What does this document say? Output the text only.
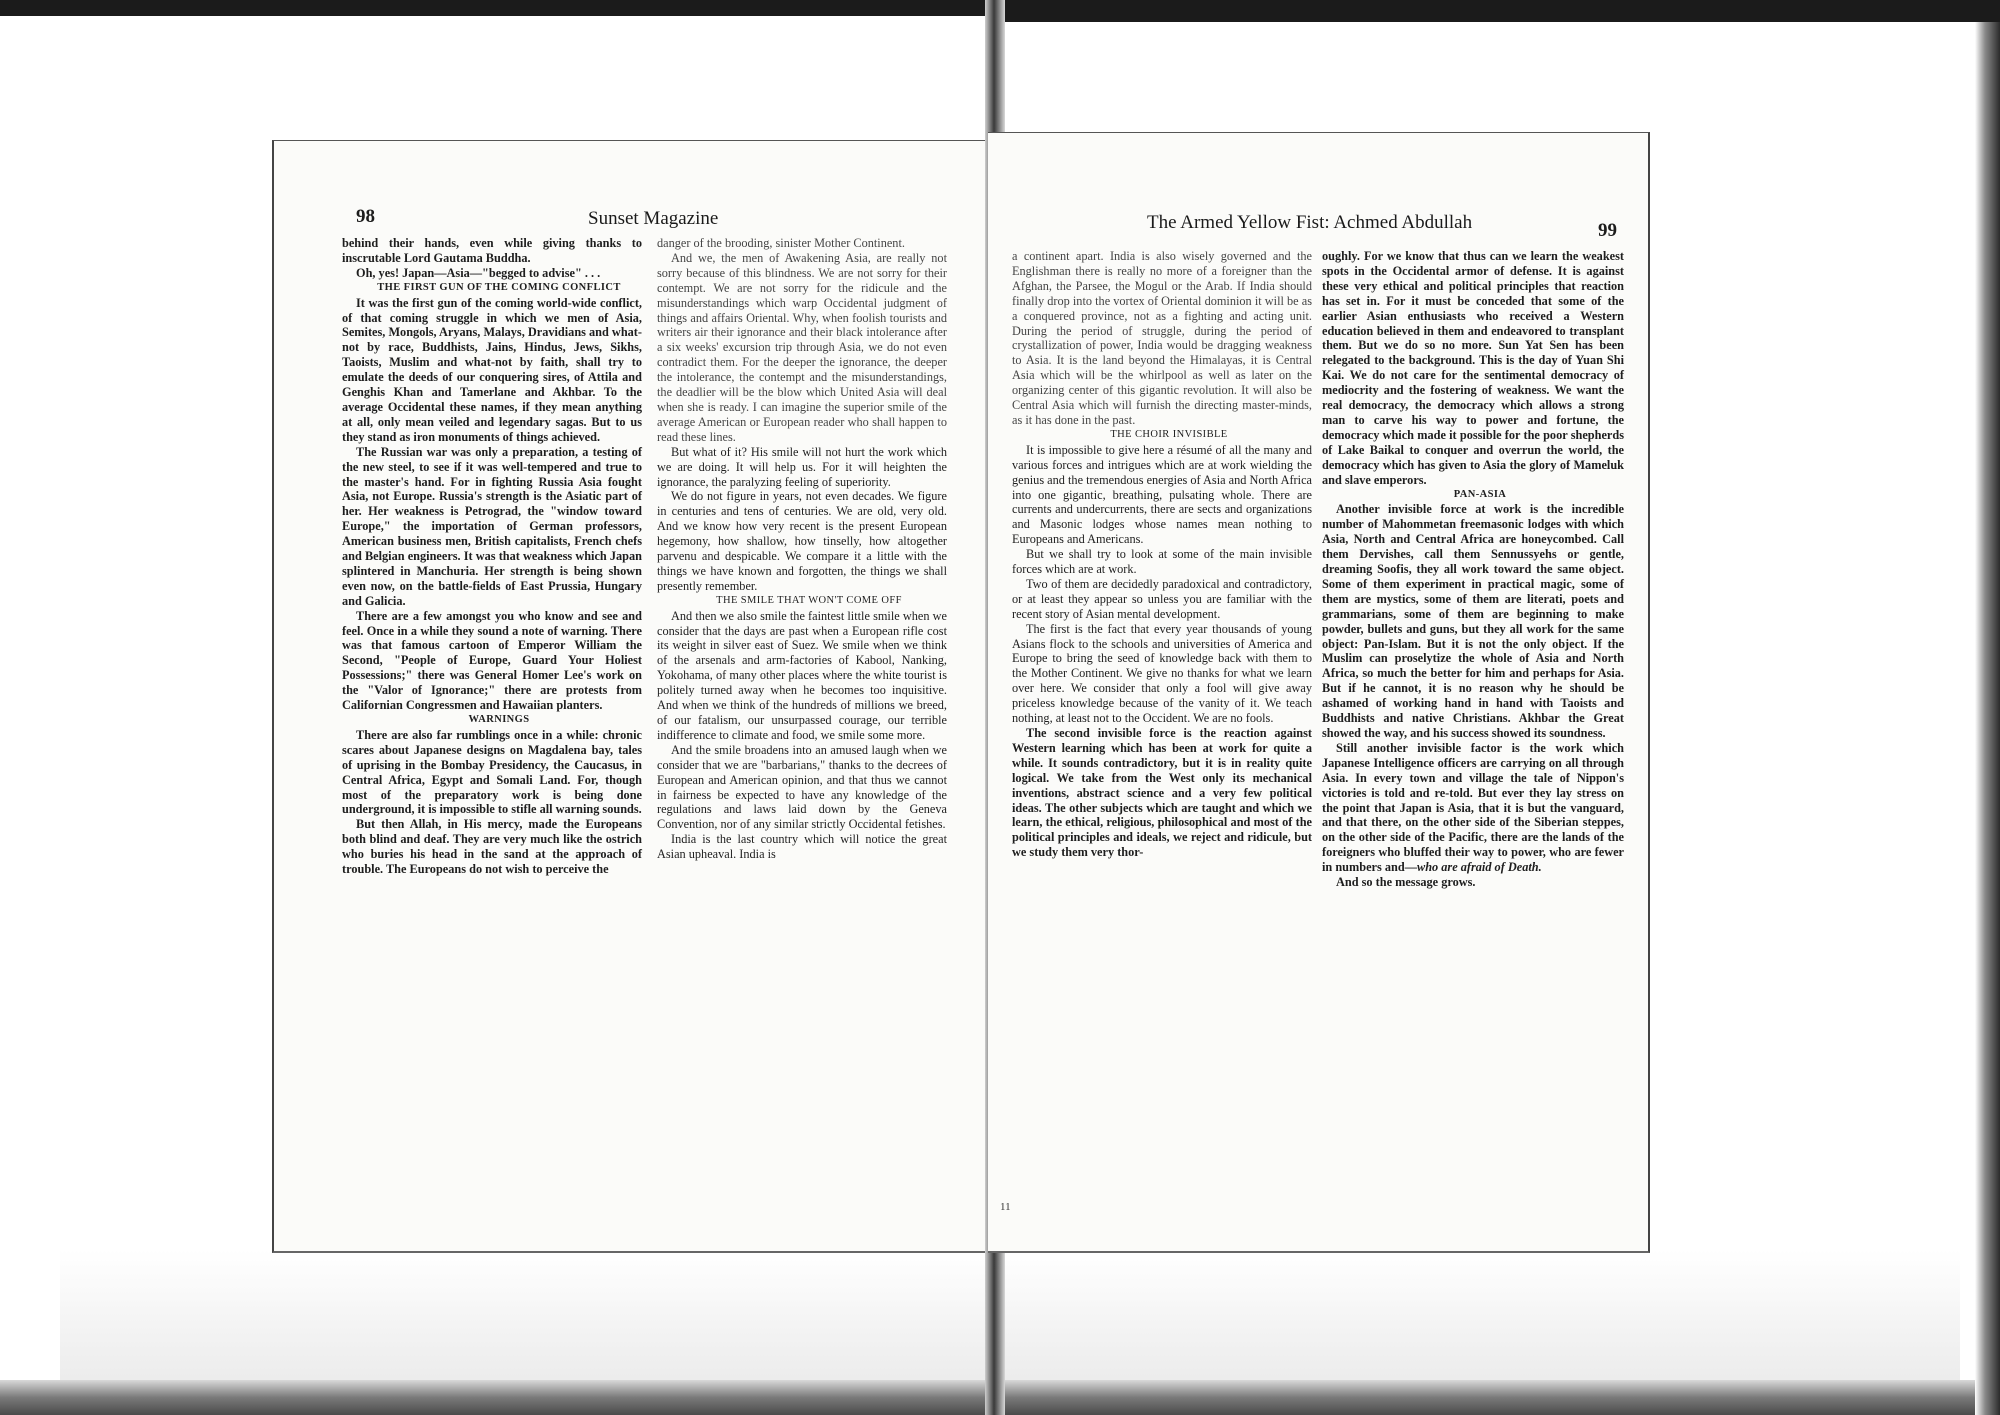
98	Sunset Magazine

behind their hands, even while giving thanks to inscrutable Lord Gautama Buddha.

Oh, yes! Japan—Asia—"begged to advise" . . .

THE FIRST GUN OF THE COMING CONFLICT

It was the first gun of the coming world-wide conflict, of that coming struggle in which we men of Asia, Semites, Mongols, Aryans, Malays, Dravidians and what-not by race, Buddhists, Jains, Hindus, Jews, Sikhs, Taoists, Muslim and what-not by faith, shall try to emulate the deeds of our conquering sires, of Attila and Genghis Khan and Tamerlane and Akhbar. To the average Occidental these names, if they mean anything at all, only mean veiled and legendary sagas. But to us they stand as iron monuments of things achieved.

The Russian war was only a preparation, a testing of the new steel, to see if it was well-tempered and true to the master's hand. For in fighting Russia Asia fought Asia, not Europe. Russia's strength is the Asiatic part of her. Her weakness is Petrograd, the "window toward Europe," the importation of German professors, American business men, British capitalists, French chefs and Belgian engineers. It was that weakness which Japan splintered in Manchuria. Her strength is being shown even now, on the battle-fields of East Prussia, Hungary and Galicia.

There are a few amongst you who know and see and feel. Once in a while they sound a note of warning. There was that famous cartoon of Emperor William the Second, "People of Europe, Guard Your Holiest Possessions;" there was General Homer Lee's work on the "Valor of Ignorance;" there are protests from Californian Congressmen and Hawaiian planters.

WARNINGS

There are also far rumblings once in a while: chronic scares about Japanese designs on Magdalena bay, tales of uprising in the Bombay Presidency, the Caucasus, in Central Africa, Egypt and Somali Land. For, though most of the preparatory work is being done underground, it is impossible to stifle all warning sounds.

But then Allah, in His mercy, made the Europeans both blind and deaf. They are very much like the ostrich who buries his head in the sand at the approach of trouble. The Europeans do not wish to perceive the

danger of the brooding, sinister Mother Continent.

And we, the men of Awakening Asia, are really not sorry because of this blindness. We are not sorry for their contempt. We are not sorry for the ridicule and the misunderstandings which warp Occidental judgment of things and affairs Oriental. Why, when foolish tourists and writers air their ignorance and their black intolerance after a six weeks' excursion trip through Asia, we do not even contradict them. For the deeper the ignorance, the deeper the intolerance, the contempt and the misunderstandings, the deadlier will be the blow which United Asia will deal when she is ready. I can imagine the superior smile of the average American or European reader who shall happen to read these lines.

But what of it? His smile will not hurt the work which we are doing. It will help us. For it will heighten the ignorance, the paralyzing feeling of superiority.

We do not figure in years, not even decades. We figure in centuries and tens of centuries. We are old, very old. And we know how very recent is the present European hegemony, how shallow, how tinselly, how altogether parvenu and despicable. We compare it a little with the things we have known and forgotten, the things we shall presently remember.

THE SMILE THAT WON'T COME OFF

And then we also smile the faintest little smile when we consider that the days are past when a European rifle cost its weight in silver east of Suez. We smile when we think of the arsenals and arm-factories of Kabool, Nanking, Yokohama, of many other places where the white tourist is politely turned away when he becomes too inquisitive. And when we think of the hundreds of millions we breed, of our fatalism, our unsurpassed courage, our terrible indifference to climate and food, we smile some more.

And the smile broadens into an amused laugh when we consider that we are "barbarians," thanks to the decrees of European and American opinion, and that thus we cannot in fairness be expected to have any knowledge of the regulations and laws laid down by the Geneva Convention, nor of any similar strictly Occidental fetishes.

India is the last country which will notice the great Asian upheaval. India is

The Armed Yellow Fist: Achmed Abdullah	99

a continent apart. India is also wisely governed and the Englishman there is really no more of a foreigner than the Afghan, the Parsee, the Mogul or the Arab. If India should finally drop into the vortex of Oriental dominion it will be as a conquered province, not as a fighting and acting unit. During the period of struggle, during the period of crystallization of power, India would be dragging weakness to Asia. It is the land beyond the Himalayas, it is Central Asia which will be the whirlpool as well as later on the organizing center of this gigantic revolution. It will also be Central Asia which will furnish the directing master-minds, as it has done in the past.

THE CHOIR INVISIBLE

It is impossible to give here a résumé of all the many and various forces and intrigues which are at work wielding the genius and the tremendous energies of Asia and North Africa into one gigantic, breathing, pulsating whole. There are currents and undercurrents, there are sects and organizations and Masonic lodges whose names mean nothing to Europeans and Americans.

But we shall try to look at some of the main invisible forces which are at work.

Two of them are decidedly paradoxical and contradictory, or at least they appear so unless you are familiar with the recent story of Asian mental development.

The first is the fact that every year thousands of young Asians flock to the schools and universities of America and Europe to bring the seed of knowledge back with them to the Mother Continent. We give no thanks for what we learn over here. We consider that only a fool will give away priceless knowledge because of the vanity of it. We teach nothing, at least not to the Occident. We are no fools.

The second invisible force is the reaction against Western learning which has been at work for quite a while. It sounds contradictory, but it is in reality quite logical. We take from the West only its mechanical inventions, abstract science and a very few political ideas. The other subjects which are taught and which we learn, the ethical, religious, philosophical and most of the political principles and ideals, we reject and ridicule, but we study them very thor-

11

oughly. For we know that thus can we learn the weakest spots in the Occidental armor of defense. It is against these very ethical and political principles that reaction has set in. For it must be conceded that some of the earlier Asian enthusiasts who received a Western education believed in them and endeavored to transplant them. But we do so no more. Sun Yat Sen has been relegated to the background. This is the day of Yuan Shi Kai. We do not care for the sentimental democracy of mediocrity and the fostering of weakness. We want the real democracy, the democracy which allows a strong man to carve his way to power and fortune, the democracy which made it possible for the poor shepherds of Lake Baikal to conquer and overrun the world, the democracy which has given to Asia the glory of Mameluk and slave emperors.

PAN-ASIA

Another invisible force at work is the incredible number of Mahommetan freemasonic lodges with which Asia, North and Central Africa are honeycombed. Call them Dervishes, call them Sennussyehs or gentle, dreaming Soofis, they all work toward the same object. Some of them experiment in practical magic, some of them are mystics, some of them are literati, poets and grammarians, some of them are beginning to make powder, bullets and guns, but they all work for the same object: Pan-Islam. But it is not the only object. If the Muslim can proselytize the whole of Asia and North Africa, so much the better for him and perhaps for Asia. But if he cannot, it is no reason why he should be ashamed of working hand in hand with Taoists and Buddhists and native Christians. Akhbar the Great showed the way, and his success showed its soundness.

Still another invisible factor is the work which Japanese Intelligence officers are carrying on all through Asia. In every town and village the tale of Nippon's victories is told and re-told. But ever they lay stress on the point that Japan is Asia, that it is but the vanguard, and that there, on the other side of the Siberian steppes, on the other side of the Pacific, there are the lands of the foreigners who bluffed their way to power, who are fewer in numbers and—who are afraid of Death.

And so the message grows.
